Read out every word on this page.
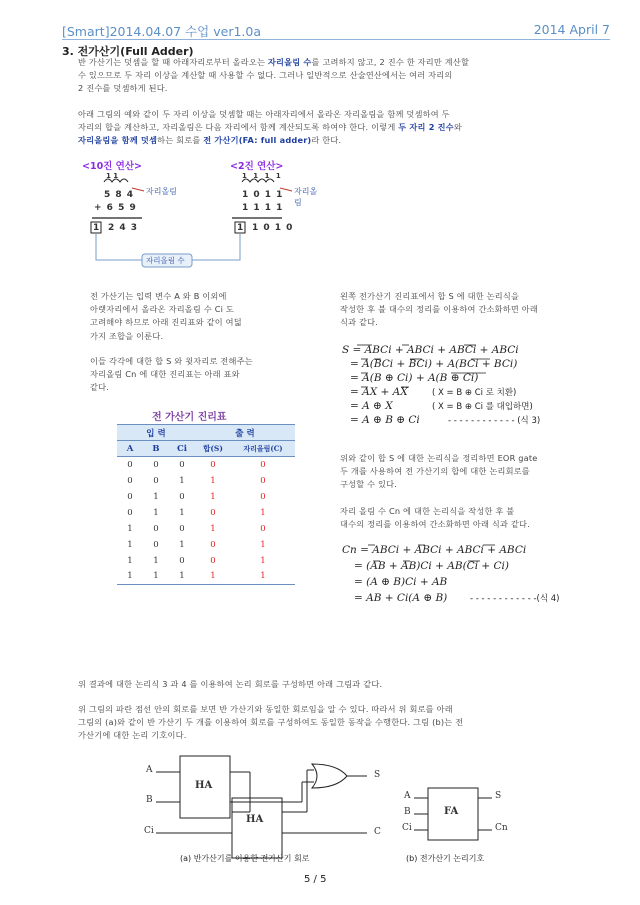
[Smart]2014.04.07 수업 ver1.0a	2014 April 7
3. 전가산기(Full Adder)
반 가산기는 덧셈을 할 때 아래자리로부터 올라오는 자리올림 수를 고려하지 않고, 2 진수 한 자리만 계산할
수 있으므로 두 자리 이상을 계산할 때 사용할 수 없다. 그러나 일반적으로 산술연산에서는 여러 자리의
2 진수를 덧셈하게 된다.
아래 그림의 예와 같이 두 자리 이상을 덧셈할 때는 아래자리에서 올라온 자리올림을 함께 덧셈하여 두
자리의 합을 계산하고, 자리올림은 다음 자리에서 함께 계산되도록 하여야 한다. 이렇게 두 자리 2 진수와
자리올림을 함께 덧셈하는 회로를 전 가산기(FA: full adder)라 한다.
<10진 연산>	<2진 연산>
1 1	1 1 1 1
자리올림	자리올림
5 8 4
+ 6 5 9
1 2 4 3
1 0 1 1
1 1 1 1
1 1 0 1 0
자리올림 수
전 가산기는 입력 변수 A 와 B 이외에
아랫자리에서 올라온 자리올림 수 Ci 도
고려해야 하므로 아래 진리표와 같이 여덟
가지 조합을 이룬다.
이들 각각에 대한 합 S 와 윗자리로 전해주는
자리올림 Cn 에 대한 진리표는 아래 표와
같다.
전 가산기 진리표
입 력			출 력	
A	B	Ci	합(S)	자리올림(C)
0	0	0	0	0
0	0	1	1	0
0	1	0	1	0
0	1	1	0	1
1	0	0	1	0
1	0	1	0	1
1	1	0	0	1
1	1	1	1	1
왼쪽 전가산기 진리표에서 합 S 에 대한 논리식을
작성한 후 불 대수의 정리를 이용하여 간소화하면 아래
식과 같다.
S = ABCi + ABCi + ABCi + ABCi
= A(BCi + BCi) + A(BCi + BCi)
= A(B ⊕ Ci) + A(B ⊕ Ci)
= AX + AX
= A ⊕ X
= A ⊕ B ⊕ Ci
( X = B ⊕ Ci 로 치환)
( X = B ⊕ Ci 를 대입하면)
- - - - - - - - - - - - (식 3)
위와 같이 합 S 에 대한 논리식을 정리하면 EOR gate
두 개를 사용하여 전 가산기의 합에 대한 논리회로를
구성할 수 있다.
자리 올림 수 Cn 에 대한 논리식을 작성한 후 불
대수의 정리를 이용하여 간소화하면 아래 식과 같다.
Cn = ABCi + ABCi + ABCi + ABCi
= (AB + AB)Ci + AB(Ci + Ci)
= (A ⊕ B)Ci + AB
= AB + Ci(A ⊕ B)	- - - - - - - - - - - -(식 4)
위 결과에 대한 논리식 3 과 4 를 이용하여 논리 회로를 구성하면 아래 그림과 같다.
위 그림의 파란 점선 안의 회로를 보면 반 가산기와 동일한 회로임을 알 수 있다. 따라서 위 회로를 아래
그림의 (a)와 같이 반 가산기 두 개를 이용하여 회로를 구성하여도 동일한 동작을 수행한다. 그림 (b)는 전
가산기에 대한 논리 기호이다.
A
B
Ci
HA
HA
S
C
(a) 반가산기를 이용한 전가산기 회로
A
B
Ci
FA
S
Cn
(b) 전가산기 논리기호
5 / 5
